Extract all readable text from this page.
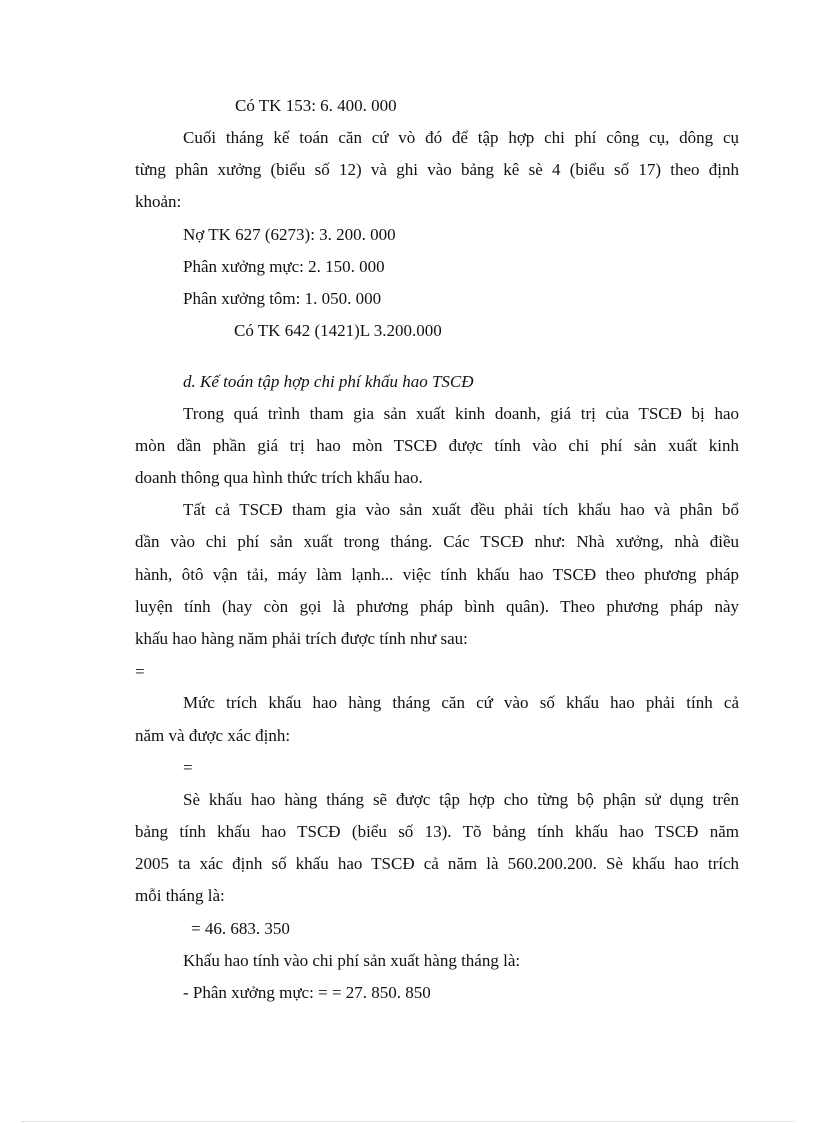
Có TK 153: 6. 400. 000
Cuối tháng kế toán căn cứ vò đó để tập hợp chi phí công cụ, dông cụ
từng phân xưởng (biểu số 12) và ghi vào bảng kê sè 4 (biểu số 17) theo định
khoản:
Nợ TK 627 (6273): 3. 200. 000
Phân xưởng mực: 2. 150. 000
Phân xưởng tôm: 1. 050. 000
Có TK 642 (1421)L 3.200.000
d. Kế toán tập hợp chi phí khấu hao TSCĐ
Trong quá trình tham gia sản xuất kinh doanh, giá trị của TSCĐ bị hao
mòn dần phần giá trị hao mòn TSCĐ được tính vào chi phí sản xuất kinh
doanh thông qua hình thức trích khấu hao.
Tất cả TSCĐ tham gia vào sản xuất đều phải tích khấu hao và phân bổ
dần vào chi phí sản xuất trong tháng. Các TSCĐ như: Nhà xưởng, nhà điều
hành, ôtô vận tải, máy làm lạnh... việc tính khấu hao TSCĐ theo phương pháp
luyện tính (hay còn gọi là phương pháp bình quân). Theo phương pháp này
khấu hao hàng năm phải trích được tính như sau:
=
Mức trích khấu hao hàng tháng căn cứ vào số khấu hao phải tính cả
năm và được xác định:
=
Sè khấu hao hàng tháng sẽ được tập hợp cho từng bộ phận sử dụng trên
bảng tính khấu hao TSCĐ (biểu số 13). Tõ bảng tính khấu hao TSCĐ năm
2005 ta xác định số khấu hao TSCĐ cả năm là 560.200.200. Sè khấu hao trích
mỗi tháng là:
= 46. 683. 350
Khấu hao tính vào chi phí sản xuất hàng tháng là:
- Phân xưởng mực: = = 27. 850. 850
